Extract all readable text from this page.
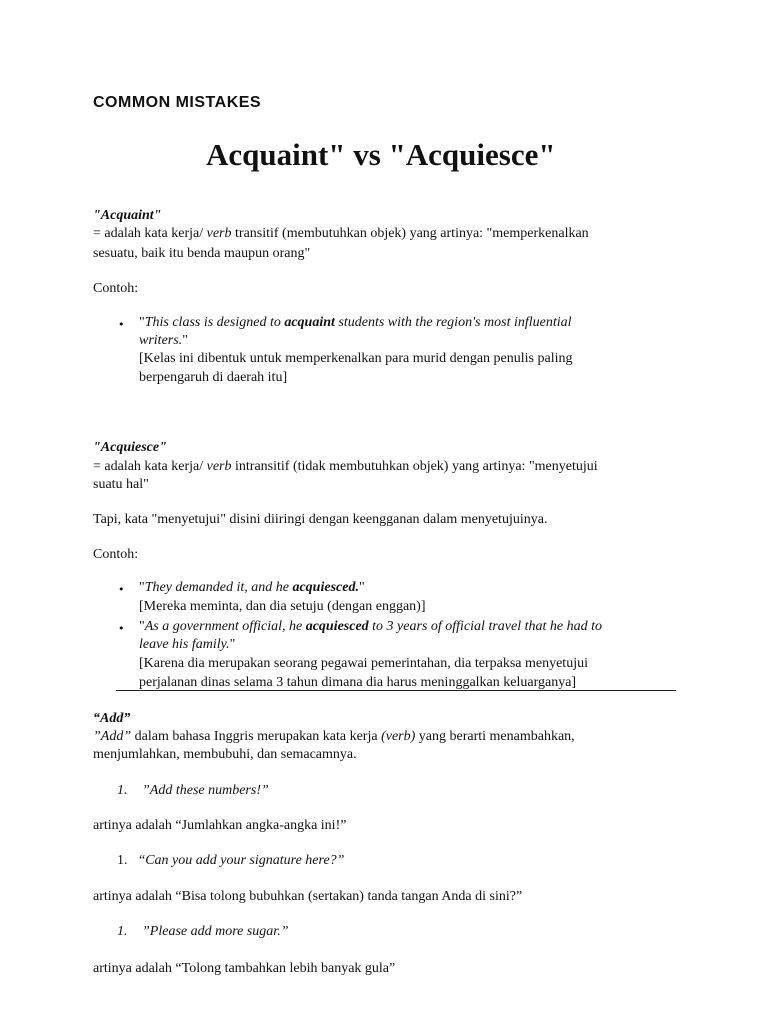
COMMON MISTAKES
Acquaint" vs "Acquiesce"
"Acquaint"
= adalah kata kerja/ verb transitif (membutuhkan objek) yang artinya: "memperkenalkan
sesuatu, baik itu benda maupun orang"
Contoh:
• "This class is designed to acquaint students with the region's most influential
writers."
[Kelas ini dibentuk untuk memperkenalkan para murid dengan penulis paling
berpengaruh di daerah itu]
"Acquiesce"
= adalah kata kerja/ verb intransitif (tidak membutuhkan objek) yang artinya: "menyetujui
suatu hal"
Tapi, kata "menyetujui" disini diiringi dengan keengganan dalam menyetujuinya.
Contoh:
• "They demanded it, and he acquiesced."
[Mereka meminta, dan dia setuju (dengan enggan)]
• "As a government official, he acquiesced to 3 years of official travel that he had to
leave his family."
[Karena dia merupakan seorang pegawai pemerintahan, dia terpaksa menyetujui
perjalanan dinas selama 3 tahun dimana dia harus meninggalkan keluarganya]
“Add”
”Add” dalam bahasa Inggris merupakan kata kerja (verb) yang berarti menambahkan,
menjumlahkan, membubuhi, dan semacamnya.
1. ”Add these numbers!”
artinya adalah “Jumlahkan angka-angka ini!”
1. “Can you add your signature here?”
artinya adalah “Bisa tolong bubuhkan (sertakan) tanda tangan Anda di sini?”
1. ”Please add more sugar.”
artinya adalah “Tolong tambahkan lebih banyak gula”
